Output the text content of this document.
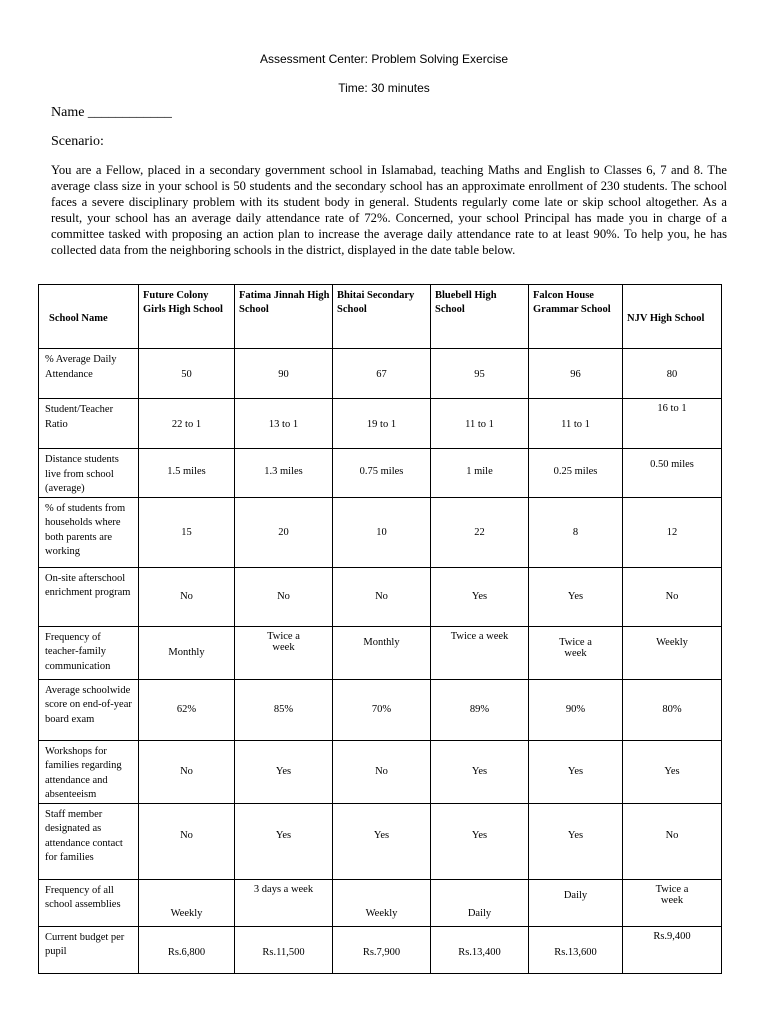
Assessment Center: Problem Solving Exercise
Time: 30 minutes
Name ____________
Scenario:
You are a Fellow, placed in a secondary government school in Islamabad, teaching Maths and English to Classes 6, 7 and 8. The average class size in your school is 50 students and the secondary school has an approximate enrollment of 230 students. The school faces a severe disciplinary problem with its student body in general. Students regularly come late or skip school altogether. As a result, your school has an average daily attendance rate of 72%. Concerned, your school Principal has made you in charge of a committee tasked with proposing an action plan to increase the average daily attendance rate to at least 90%. To help you, he has collected data from the neighboring schools in the district, displayed in the date table below.
School Name	Future Colony Girls High School	Fatima Jinnah High School	Bhitai Secondary School	Bluebell High School	Falcon House Grammar School	NJV High School
% Average Daily Attendance	50	90	67	95	96	80
Student/Teacher Ratio	22 to 1	13 to 1	19 to 1	11 to 1	11 to 1	16 to 1
Distance students live from school (average)	1.5 miles	1.3 miles	0.75 miles	1 mile	0.25 miles	0.50 miles
% of students from households where both parents are working	15	20	10	22	8	12
On-site afterschool enrichment program	No	No	No	Yes	Yes	No
Frequency of teacher-family communication	Monthly	Twice a week	Monthly	Twice a week	Twice a week	Weekly
Average schoolwide score on end-of-year board exam	62%	85%	70%	89%	90%	80%
Workshops for families regarding attendance and absenteeism	No	Yes	No	Yes	Yes	Yes
Staff member designated as attendance contact for families	No	Yes	Yes	Yes	Yes	No
Frequency of all school assemblies	Weekly	3 days a week	Weekly	Daily	Daily	Twice a week
Current budget per pupil	Rs.6,800	Rs.11,500	Rs.7,900	Rs.13,400	Rs.13,600	Rs.9,400
